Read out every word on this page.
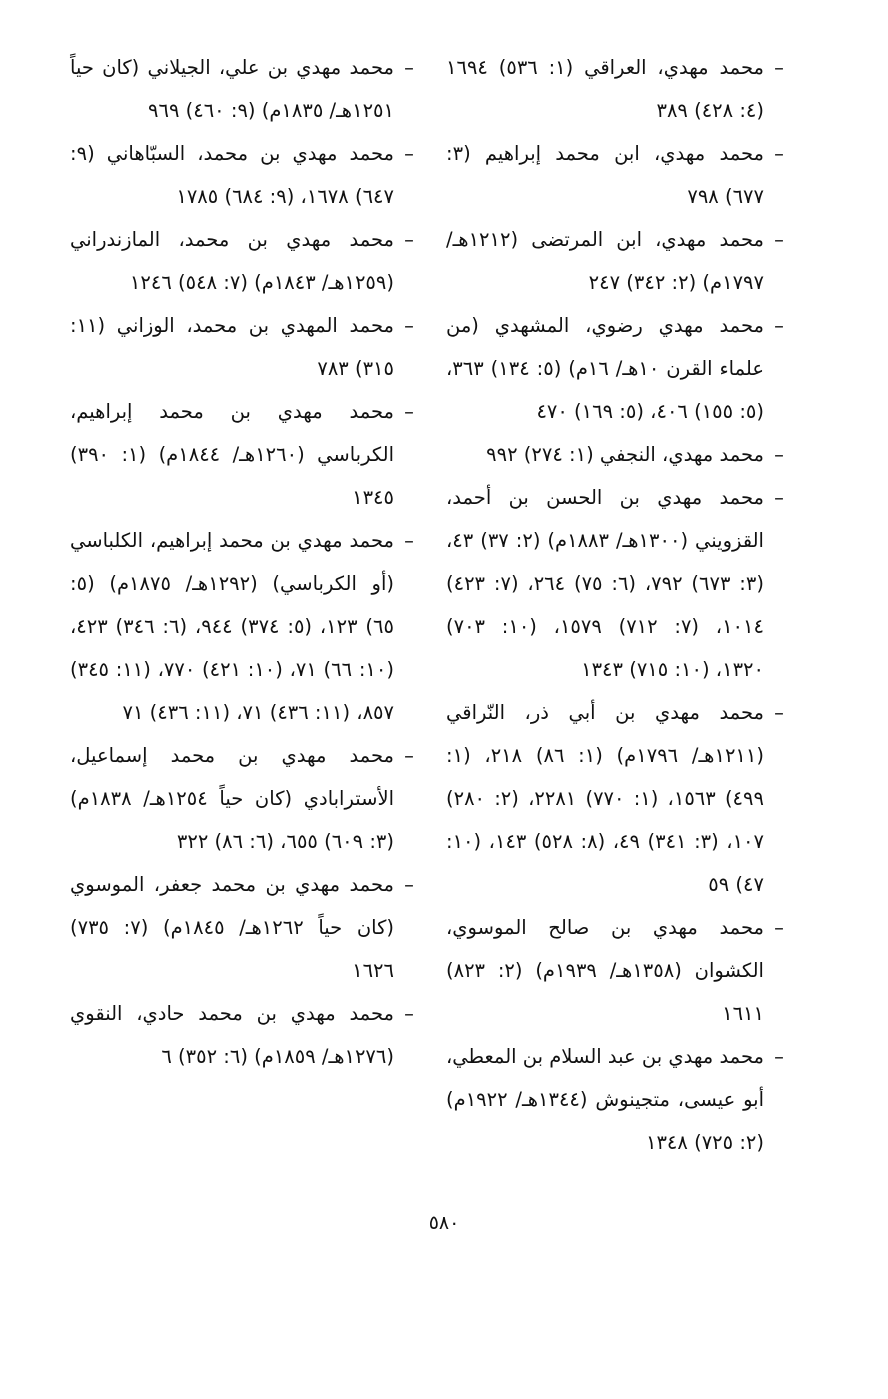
–
محمد مهدي، العراقي (١: ٥٣٦) ١٦٩٤ (٤: ٤٢٨) ٣٨٩
–
محمد مهدي، ابن محمد إبراهيم (٣: ٦٧٧) ٧٩٨
–
محمد مهدي، ابن المرتضى (١٢١٢هـ/ ١٧٩٧م) (٢: ٣٤٢) ٢٤٧
–
محمد مهدي رضوي، المشهدي (من علماء القرن ١٠هـ/ ١٦م) (٥: ١٣٤) ٣٦٣، (٥: ١٥٥) ٤٠٦، (٥: ١٦٩) ٤٧٠
–
محمد مهدي، النجفي (١: ٢٧٤) ٩٩٢
–
محمد مهدي بن الحسن بن أحمد، القزويني (١٣٠٠هـ/ ١٨٨٣م) (٢: ٣٧) ٤٣، (٣: ٦٧٣) ٧٩٢، (٦: ٧٥) ٢٦٤، (٧: ٤٢٣) ١٠١٤، (٧: ٧١٢) ١٥٧٩، (١٠: ٧٠٣) ١٣٢٠، (١٠: ٧١٥) ١٣٤٣
–
محمد مهدي بن أبي ذر، النّراقي (١٢١١هـ/ ١٧٩٦م) (١: ٨٦) ٢١٨، (١: ٤٩٩) ١٥٦٣، (١: ٧٧٠) ٢٢٨١، (٢: ٢٨٠) ١٠٧، (٣: ٣٤١) ٤٩، (٨: ٥٢٨) ١٤٣، (١٠: ٤٧) ٥٩
–
محمد مهدي بن صالح الموسوي، الكشوان (١٣٥٨هـ/ ١٩٣٩م) (٢: ٨٢٣) ١٦١١
–
محمد مهدي بن عبد السلام بن المعطي، أبو عيسى، متجينوش (١٣٤٤هـ/ ١٩٢٢م) (٢: ٧٢٥) ١٣٤٨
–
محمد مهدي بن علي، الجيلاني (كان حياً ١٢٥١هـ/ ١٨٣٥م) (٩: ٤٦٠) ٩٦٩
–
محمد مهدي بن محمد، السبّاهاني (٩: ٦٤٧) ١٦٧٨، (٩: ٦٨٤) ١٧٨٥
–
محمد مهدي بن محمد، المازندراني (١٢٥٩هـ/ ١٨٤٣م) (٧: ٥٤٨) ١٢٤٦
–
محمد المهدي بن محمد، الوزاني (١١: ٣١٥) ٧٨٣
–
محمد مهدي بن محمد إبراهيم، الكرباسي (١٢٦٠هـ/ ١٨٤٤م) (١: ٣٩٠) ١٣٤٥
–
محمد مهدي بن محمد إبراهيم، الكلباسي (أو الكرباسي) (١٢٩٢هـ/ ١٨٧٥م) (٥: ٦٥) ١٢٣، (٥: ٣٧٤) ٩٤٤، (٦: ٣٤٦) ٤٢٣، (١٠: ٦٦) ٧١، (١٠: ٤٢١) ٧٧٠، (١١: ٣٤٥) ٨٥٧، (١١: ٤٣٦) ٧١، (١١: ٤٣٦) ٧١
–
محمد مهدي بن محمد إسماعيل، الأسترابادي (كان حياً ١٢٥٤هـ/ ١٨٣٨م) (٣: ٦٠٩) ٦٥٥، (٦: ٨٦) ٣٢٢
–
محمد مهدي بن محمد جعفر، الموسوي (كان حياً ١٢٦٢هـ/ ١٨٤٥م) (٧: ٧٣٥) ١٦٢٦
–
محمد مهدي بن محمد حادي، النقوي (١٢٧٦هـ/ ١٨٥٩م) (٦: ٣٥٢) ٦
٥٨٠
